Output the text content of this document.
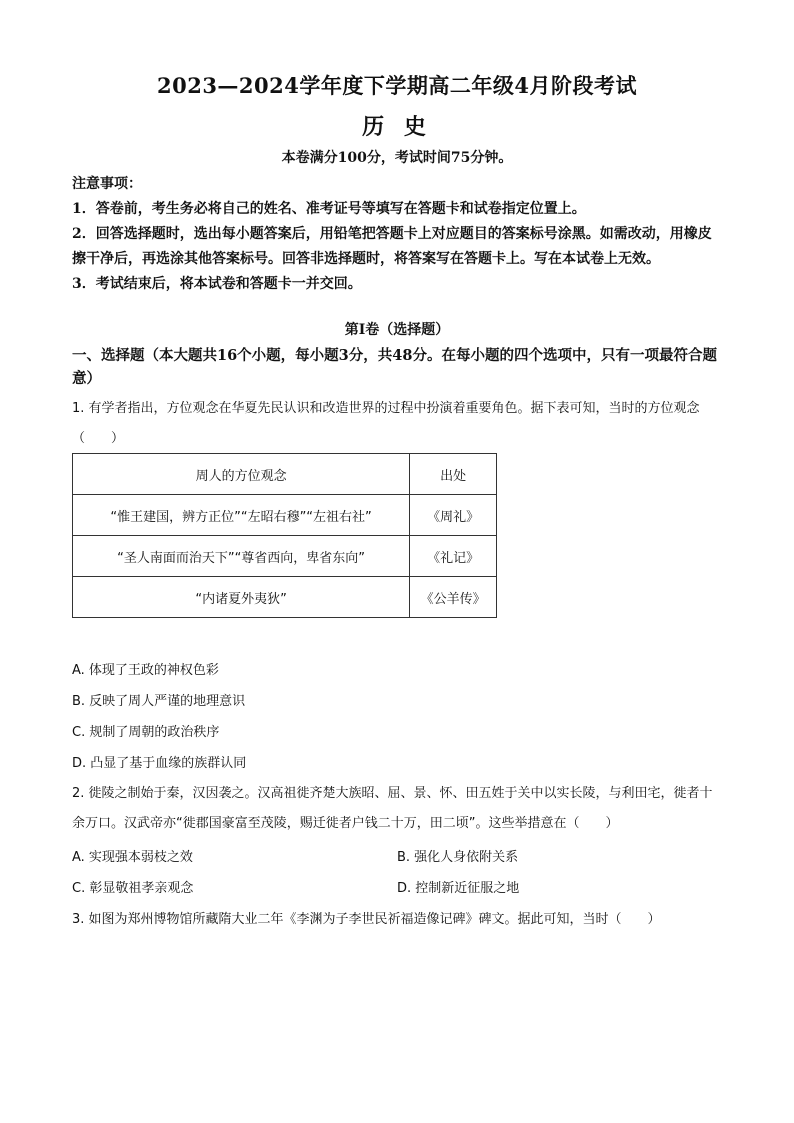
2023—2024学年度下学期高二年级4月阶段考试
历 史
本卷满分100分，考试时间75分钟。

注意事项：

1．答卷前，考生务必将自己的姓名、准考证号等填写在答题卡和试卷指定位置上。

2．回答选择题时，选出每小题答案后，用铅笔把答题卡上对应题目的答案标号涂黑。如需改动，用橡皮擦干净后，再选涂其他答案标号。回答非选择题时，将答案写在答题卡上。写在本试卷上无效。

3．考试结束后，将本试卷和答题卡一并交回。

第Ⅰ卷（选择题）
一、选择题（本大题共16个小题，每小题3分，共48分。在每小题的四个选项中，只有一项最符合题意）

1. 有学者指出，方位观念在华夏先民认识和改造世界的过程中扮演着重要角色。据下表可知，当时的方位观念（　　）

周人的方位观念	出处
“惟王建国，辨方正位”“左昭右穆”“左祖右社”	《周礼》
“圣人南面而治天下”“尊省西向，卑省东向”	《礼记》
“内诸夏外夷狄”	《公羊传》
A. 体现了王政的神权色彩
B. 反映了周人严谨的地理意识
C. 规制了周朝的政治秩序
D. 凸显了基于血缘的族群认同

2. 徙陵之制始于秦，汉因袭之。汉高祖徙齐楚大族昭、屈、景、怀、田五姓于关中以实长陵，与利田宅，徙者十余万口。汉武帝亦“徙郡国豪富至茂陵，赐迁徙者户钱二十万，田二顷”。这些举措意在（　　）

A. 实现强本弱枝之效	B. 强化人身依附关系
C. 彰显敬祖孝亲观念	D. 控制新近征服之地

3. 如图为郑州博物馆所藏隋大业二年《李渊为子李世民祈福造像记碑》碑文。据此可知，当时（　　）
